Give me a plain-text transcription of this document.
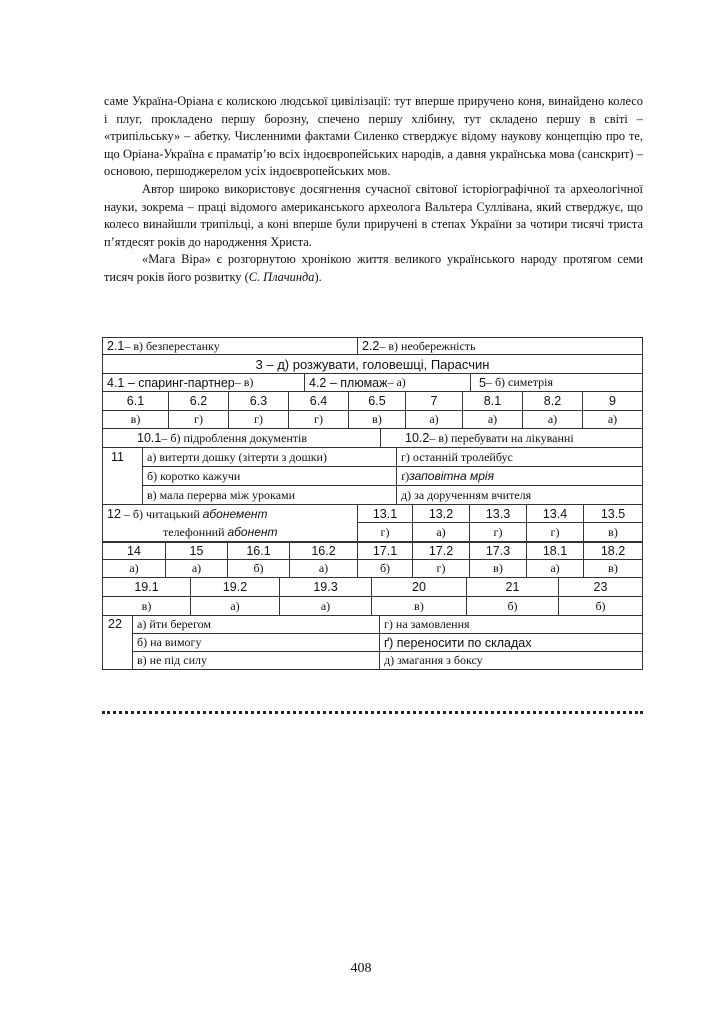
саме Україна-Оріана є колискою людської цивілізації: тут вперше приручено коня, винайдено колесо і плуг, прокладено першу борозну, спечено першу хлібину, тут складено першу в світі – «трипільську» – абетку. Численними фактами Силенко стверджує відому наукову концепцію про те, що Оріана-Україна є праматір’ю всіх індоєвропейських народів, а давня українська мова (санскрит) – основою, першоджерелом усіх індоєвропейських мов.

Автор широко використовує досягнення сучасної світової історіографічної та археологічної науки, зокрема – праці відомого американського археолога Вальтера Суллівана, який стверджує, що колесо винайшли трипільці, а коні вперше були приручені в степах України за чотири тисячі триста п’ятдесят років до народження Христа.

«Мага Віра» є розгорнутою хронікою життя великого українського народу протягом семи тисяч років його розвитку (С. Плачинда).

2.1 – в) безперестанку	2.2 – в) необережність
3 – д) розжувати, головешці, Парасчин
4.1 – спаринг-партнер – в)	4.2 – плюмаж – а)	5 – б) симетрія
6.1	6.2	6.3	6.4	6.5	7	8.1	8.2	9
в)	г)	г)	г)	в)	а)	а)	а)	а)
10.1 – б) підроблення документів	10.2 – в) перебувати на лікуванні
11	а) витерти дошку (зітерти з дошки)	г) останній тролейбус
б) коротко кажучи	ґ) заповітна мрія
в) мала перерва між уроками	д) за дорученням вчителя
12 – б) читацький абонемент
телефонний абонент
13.1	13.2	13.3	13.4	13.5
г)	а)	г)	г)	в)
14	15	16.1	16.2	17.1	17.2	17.3	18.1	18.2
а)	а)	б)	а)	б)	г)	в)	а)	в)
19.1	19.2	19.3	20	21	23
в)	а)	а)	в)	б)	б)
22	а) йти берегом	г) на замовлення
б) на вимогу	ґ) переносити по складах
в) не під силу	д) змагання з боксу
408
